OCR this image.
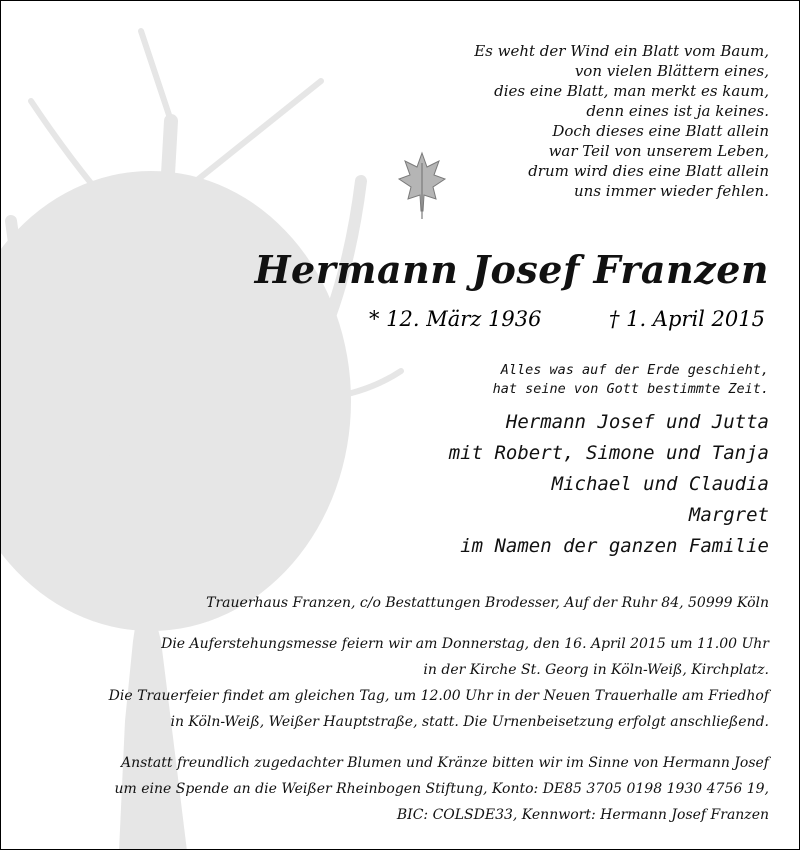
Es weht der Wind ein Blatt vom Baum,
von vielen Blättern eines,
dies eine Blatt, man merkt es kaum,
denn eines ist ja keines.
Doch dieses eine Blatt allein
war Teil von unserem Leben,
drum wird dies eine Blatt allein
uns immer wieder fehlen.
Hermann Josef Franzen
* 12. März 1936	† 1. April 2015
Alles was auf der Erde geschieht,
hat seine von Gott bestimmte Zeit.
Hermann Josef und Jutta
mit Robert, Simone und Tanja
Michael und Claudia
Margret
im Namen der ganzen Familie
Trauerhaus Franzen, c/o Bestattungen Brodesser, Auf der Ruhr 84, 50999 Köln
Die Auferstehungsmesse feiern wir am Donnerstag, den 16. April 2015 um 11.00 Uhr
in der Kirche St. Georg in Köln-Weiß, Kirchplatz.
Die Trauerfeier findet am gleichen Tag, um 12.00 Uhr in der Neuen Trauerhalle am Friedhof
in Köln-Weiß, Weißer Hauptstraße, statt. Die Urnenbeisetzung erfolgt anschließend.
Anstatt freundlich zugedachter Blumen und Kränze bitten wir im Sinne von Hermann Josef
um eine Spende an die Weißer Rheinbogen Stiftung, Konto: DE85 3705 0198 1930 4756 19,
BIC: COLSDE33, Kennwort: Hermann Josef Franzen
